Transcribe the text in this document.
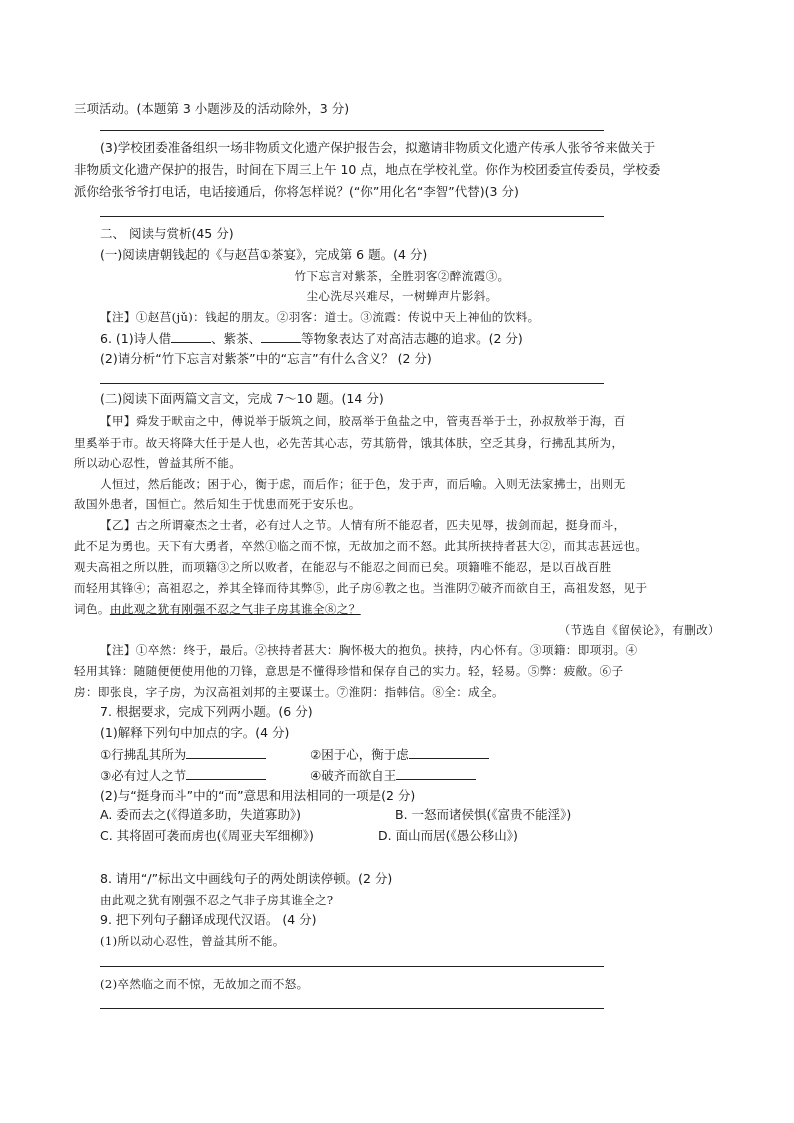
三项活动。(本题第 3 小题涉及的活动除外，3 分)
(3)学校团委准备组织一场非物质文化遗产保护报告会，拟邀请非物质文化遗产传承人张爷爷来做关于
非物质文化遗产保护的报告，时间在下周三上午 10 点，地点在学校礼堂。你作为校团委宣传委员，学校委
派你给张爷爷打电话，电话接通后，你将怎样说？(“你”用化名“李智”代替)(3 分)
二、 阅读与赏析(45 分)
(一)阅读唐朝钱起的《与赵莒①茶宴》，完成第 6 题。(4 分)
竹下忘言对紫茶，全胜羽客②醉流霞③。
尘心洗尽兴难尽，一树蝉声片影斜。
【注】①赵莒(jǔ)：钱起的朋友。②羽客：道士。③流霞：传说中天上神仙的饮料。
6. (1)诗人借	、紫茶、	等物象表达了对高洁志趣的追求。(2 分)
(2)请分析“竹下忘言对紫茶”中的“忘言”有什么含义？ (2 分)
(二)阅读下面两篇文言文，完成 7～10 题。(14 分)
【甲】舜发于畎亩之中，傅说举于版筑之间，胶鬲举于鱼盐之中，管夷吾举于士，孙叔敖举于海，百
里奚举于市。故天将降大任于是人也，必先苦其心志，劳其筋骨，饿其体肤，空乏其身，行拂乱其所为，
所以动心忍性，曾益其所不能。
人恒过，然后能改；困于心，衡于虑，而后作；征于色，发于声，而后喻。入则无法家拂士，出则无
敌国外患者，国恒亡。然后知生于忧患而死于安乐也。
【乙】古之所谓豪杰之士者，必有过人之节。人情有所不能忍者，匹夫见辱，拔剑而起，挺身而斗，
此不足为勇也。天下有大勇者，卒然①临之而不惊，无故加之而不怒。此其所挟持者甚大②，而其志甚远也。
观夫高祖之所以胜，而项籍③之所以败者，在能忍与不能忍之间而已矣。项籍唯不能忍，是以百战百胜
而轻用其锋④；高祖忍之，养其全锋而待其弊⑤，此子房⑥教之也。当淮阴⑦破齐而欲自王，高祖发怒，见于
词色。由此观之犹有刚强不忍之气非子房其谁全⑧之？
（节选自《留侯论》，有删改）
【注】①卒然：终于，最后。②挟持者甚大：胸怀极大的抱负。挟持，内心怀有。③项籍：即项羽。④
轻用其锋：随随便便使用他的刀锋，意思是不懂得珍惜和保存自己的实力。轻，轻易。⑤弊：疲敝。⑥子
房：即张良，字子房，为汉高祖刘邦的主要谋士。⑦淮阴：指韩信。⑧全：成全。
7. 根据要求，完成下列两小题。(6 分)
(1)解释下列句中加点的字。(4 分)
①行拂乱其所为	②困于心，衡于虑
③必有过人之节	④破齐而欲自王
(2)与“挺身而斗”中的“而”意思和用法相同的一项是(2 分)
A. 委而去之(《得道多助，失道寡助》)	B. 一怒而诸侯惧(《富贵不能淫》)
C. 其将固可袭而虏也(《周亚夫军细柳》)	D. 面山而居(《愚公移山》)
8. 请用“/”标出文中画线句子的两处朗读停顿。(2 分)
由此观之犹有刚强不忍之气非子房其谁全之?
9. 把下列句子翻译成现代汉语。 (4 分)
(1)所以动心忍性，曾益其所不能。
(2)卒然临之而不惊，无故加之而不怒。
